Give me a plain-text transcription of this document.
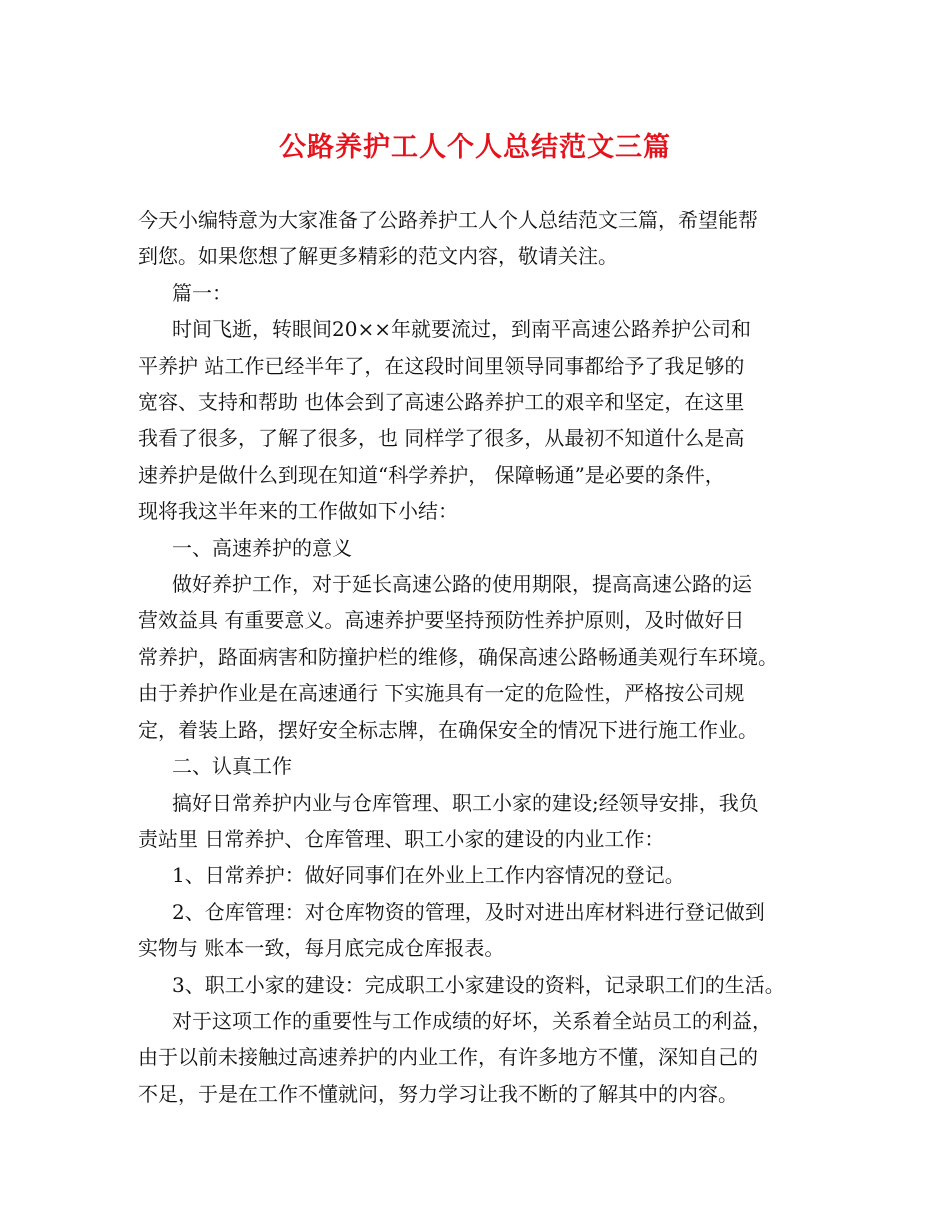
公路养护工人个人总结范文三篇

今天小编特意为大家准备了公路养护工人个人总结范文三篇，希望能帮

到您。如果您想了解更多精彩的范文内容，敬请关注。

篇一：

时间飞逝，转眼间20××年就要流过，到南平高速公路养护公司和

平养护 站工作已经半年了，在这段时间里领导同事都给予了我足够的

宽容、支持和帮助 也体会到了高速公路养护工的艰辛和坚定，在这里

我看了很多，了解了很多，也 同样学了很多，从最初不知道什么是高

速养护是做什么到现在知道“科学养护， 保障畅通”是必要的条件，

现将我这半年来的工作做如下小结：

一、高速养护的意义

做好养护工作，对于延长高速公路的使用期限，提高高速公路的运

营效益具 有重要意义。高速养护要坚持预防性养护原则，及时做好日

常养护，路面病害和防撞护栏的维修，确保高速公路畅通美观行车环境。

由于养护作业是在高速通行 下实施具有一定的危险性，严格按公司规

定，着装上路，摆好安全标志牌，在确保安全的情况下进行施工作业。

二、认真工作

搞好日常养护内业与仓库管理、职工小家的建设;经领导安排，我负

责站里 日常养护、仓库管理、职工小家的建设的内业工作：

1、日常养护：做好同事们在外业上工作内容情况的登记。

2、仓库管理：对仓库物资的管理，及时对进出库材料进行登记做到

实物与 账本一致，每月底完成仓库报表。

3、职工小家的建设：完成职工小家建设的资料，记录职工们的生活。

对于这项工作的重要性与工作成绩的好坏，关系着全站员工的利益，

由于以前未接触过高速养护的内业工作，有许多地方不懂，深知自己的

不足，于是在工作不懂就问，努力学习让我不断的了解其中的内容。
